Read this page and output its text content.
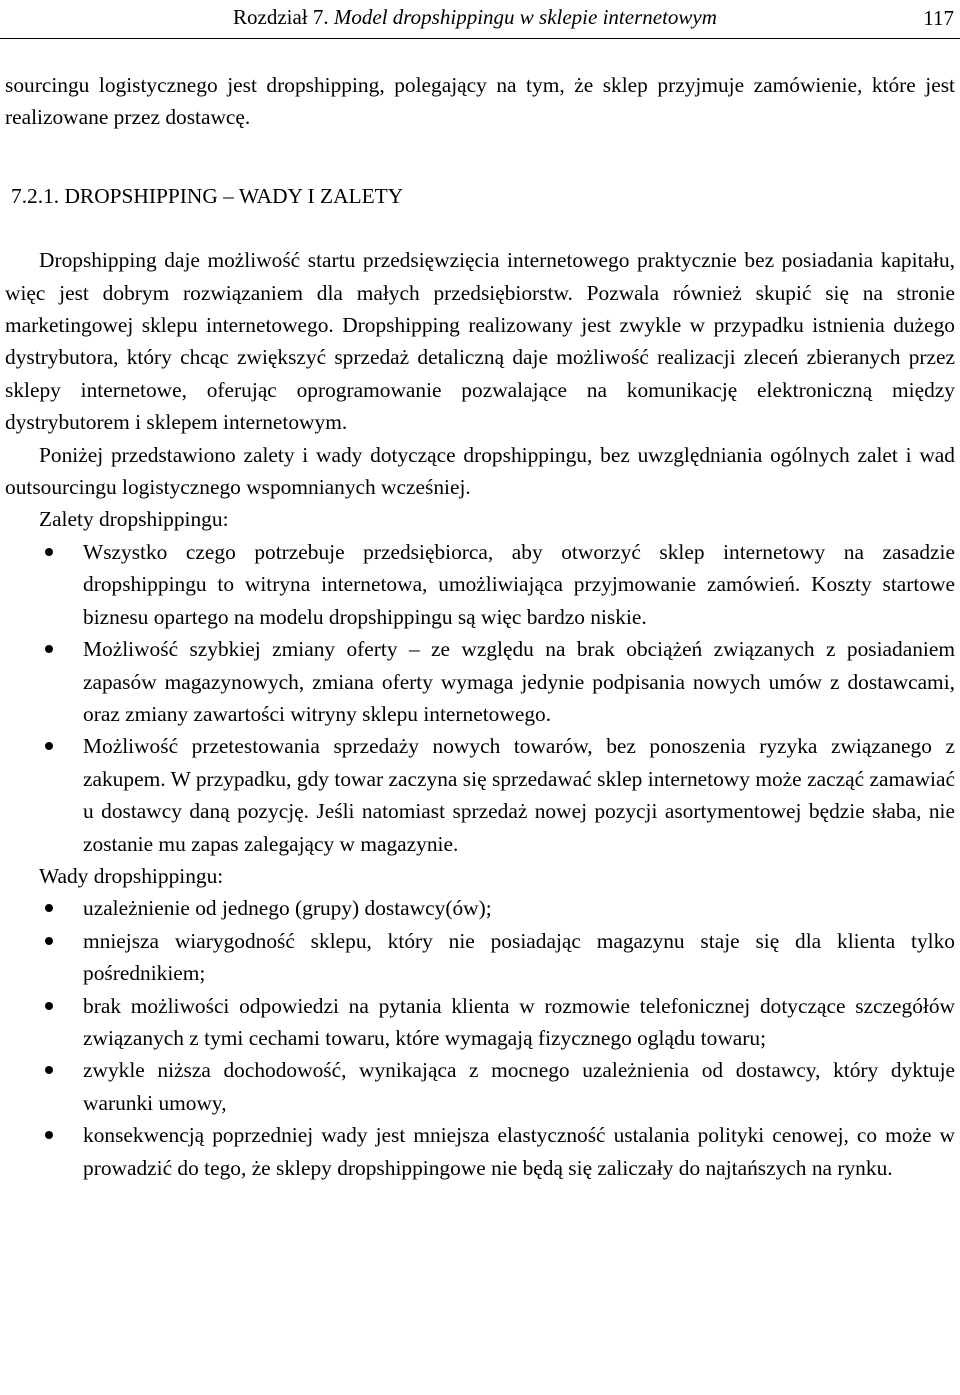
Rozdział 7. Model dropshippingu w sklepie internetowym	117

sourcingu logistycznego jest dropshipping, polegający na tym, że sklep przyjmuje zamówienie, które jest realizowane przez dostawcę.

7.2.1. DROPSHIPPING – WADY I ZALETY

Dropshipping daje możliwość startu przedsięwzięcia internetowego praktycznie bez posiadania kapitału, więc jest dobrym rozwiązaniem dla małych przedsiębiorstw. Pozwala również skupić się na stronie marketingowej sklepu internetowego. Dropshipping realizowany jest zwykle w przypadku istnienia dużego dystrybutora, który chcąc zwiększyć sprzedaż detaliczną daje możliwość realizacji zleceń zbieranych przez sklepy internetowe, oferując oprogramowanie pozwalające na komunikację elektroniczną między dystrybutorem i sklepem internetowym.

Poniżej przedstawiono zalety i wady dotyczące dropshippingu, bez uwzględniania ogólnych zalet i wad outsourcingu logistycznego wspomnianych wcześniej.

Zalety dropshippingu:

Wszystko czego potrzebuje przedsiębiorca, aby otworzyć sklep internetowy na zasadzie dropshippingu to witryna internetowa, umożliwiająca przyjmowanie zamówień. Koszty startowe biznesu opartego na modelu dropshippingu są więc bardzo niskie.
Możliwość szybkiej zmiany oferty – ze względu na brak obciążeń związanych z posiadaniem zapasów magazynowych, zmiana oferty wymaga jedynie podpisania nowych umów z dostawcami, oraz zmiany zawartości witryny sklepu internetowego.
Możliwość przetestowania sprzedaży nowych towarów, bez ponoszenia ryzyka związanego z zakupem. W przypadku, gdy towar zaczyna się sprzedawać sklep internetowy może zacząć zamawiać u dostawcy daną pozycję. Jeśli natomiast sprzedaż nowej pozycji asortymentowej będzie słaba, nie zostanie mu zapas zalegający w magazynie.

Wady dropshippingu:

uzależnienie od jednego (grupy) dostawcy(ów);
mniejsza wiarygodność sklepu, który nie posiadając magazynu staje się dla klienta tylko pośrednikiem;
brak możliwości odpowiedzi na pytania klienta w rozmowie telefonicznej dotyczące szczegółów związanych z tymi cechami towaru, które wymagają fizycznego oglądu towaru;
zwykle niższa dochodowość, wynikająca z mocnego uzależnienia od dostawcy, który dyktuje warunki umowy,
konsekwencją poprzedniej wady jest mniejsza elastyczność ustalania polityki cenowej, co może w prowadzić do tego, że sklepy dropshippingowe nie będą się zaliczały do najtańszych na rynku.
